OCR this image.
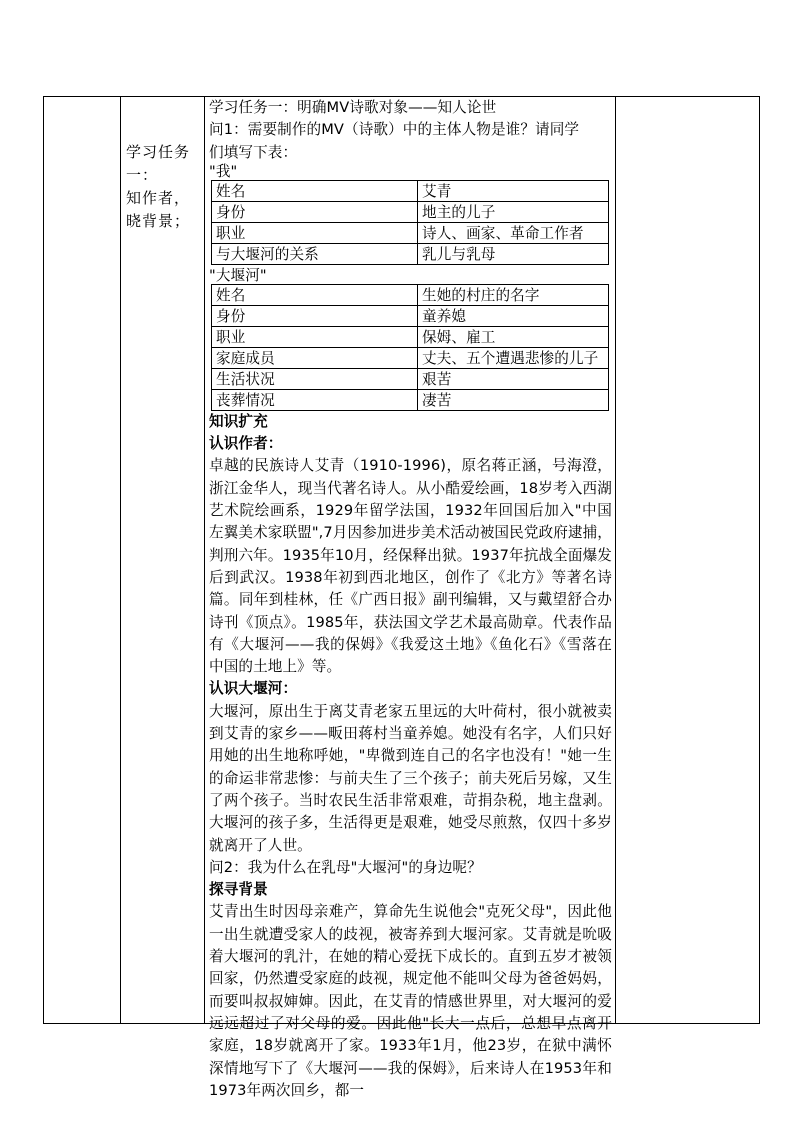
学习任务
一：
知作者，
晓背景；
学习任务一：明确MV诗歌对象——知人论世
问1：需要制作的MV（诗歌）中的主体人物是谁？请同学
们填写下表：
"我"
姓名	艾青
身份	地主的儿子
职业	诗人、画家、革命工作者
与大堰河的关系	乳儿与乳母
"大堰河"
姓名	生她的村庄的名字
身份	童养媳
职业	保姆、雇工
家庭成员	丈夫、五个遭遇悲惨的儿子
生活状况	艰苦
丧葬情况	凄苦
知识扩充
认识作者：

卓越的民族诗人艾青（1910-1996)，原名蒋正涵，号海澄，浙江金华人，现当代著名诗人。从小酷爱绘画，18岁考入西湖艺术院绘画系，1929年留学法国，1932年回国后加入"中国左翼美术家联盟",7月因参加进步美术活动被国民党政府逮捕，判刑六年。1935年10月，经保释出狱。1937年抗战全面爆发后到武汉。1938年初到西北地区，创作了《北方》等著名诗篇。同年到桂林，任《广西日报》副刊编辑，又与戴望舒合办诗刊《顶点》。1985年，获法国文学艺术最高勋章。代表作品有《大堰河——我的保姆》《我爱这土地》《鱼化石》《雪落在中国的土地上》等。

认识大堰河：

大堰河，原出生于离艾青老家五里远的大叶荷村，很小就被卖到艾青的家乡——畈田蒋村当童养媳。她没有名字，人们只好用她的出生地称呼她，"卑微到连自己的名字也没有！"她一生的命运非常悲惨：与前夫生了三个孩子；前夫死后另嫁，又生了两个孩子。当时农民生活非常艰难，苛捐杂税，地主盘剥。大堰河的孩子多，生活得更是艰难，她受尽煎熬，仅四十多岁就离开了人世。

问2：我为什么在乳母"大堰河"的身边呢？
探寻背景

艾青出生时因母亲难产，算命先生说他会"克死父母"，因此他一出生就遭受家人的歧视，被寄养到大堰河家。艾青就是吮吸着大堰河的乳汁，在她的精心爱抚下成长的。直到五岁才被领回家，仍然遭受家庭的歧视，规定他不能叫父母为爸爸妈妈，而要叫叔叔婶婶。因此，在艾青的情感世界里，对大堰河的爱远远超过了对父母的爱。因此他"长大一点后，总想早点离开家庭，18岁就离开了家。1933年1月，他23岁，在狱中满怀深情地写下了《大堰河——我的保姆》，后来诗人在1953年和1973年两次回乡，都一
